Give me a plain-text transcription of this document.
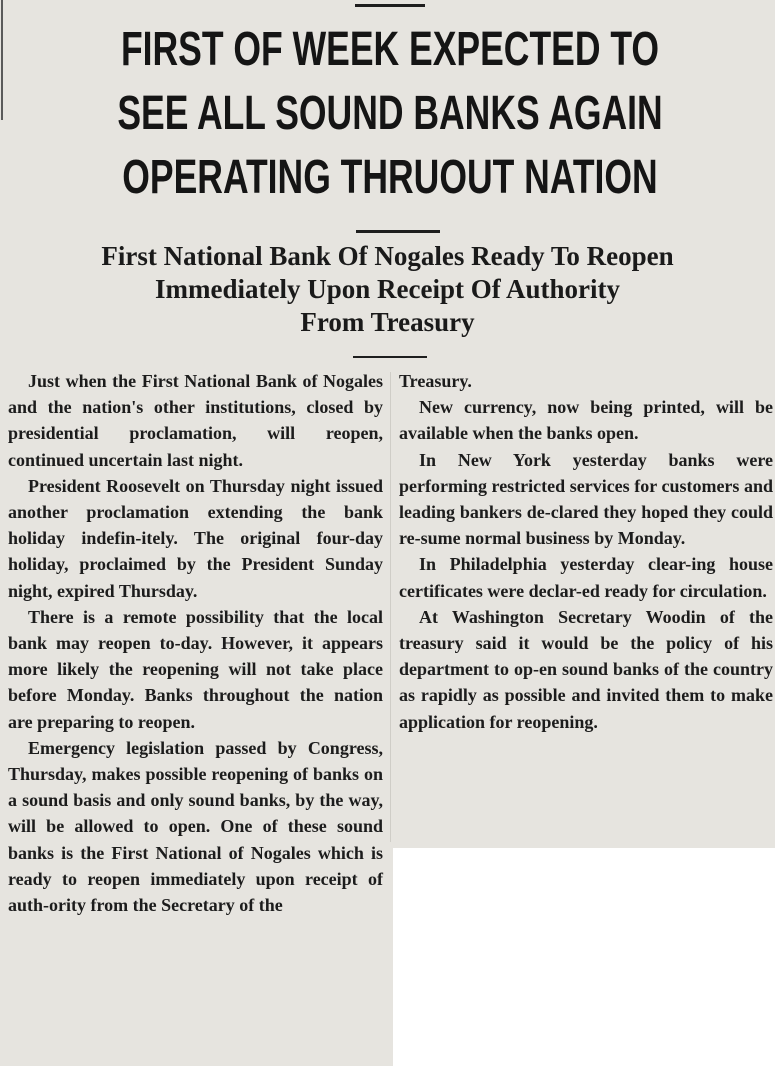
FIRST OF WEEK EXPECTED TO
SEE ALL SOUND BANKS AGAIN
OPERATING THRUOUT NATION
First National Bank Of Nogales Ready To Reopen
Immediately Upon Receipt Of Authority
From Treasury

Just when the First National Bank of Nogales and the nation's other institutions, closed by presidential proclamation, will reopen, continued uncertain last night.

President Roosevelt on Thursday night issued another proclamation extending the bank holiday indefin-itely. The original four-day holiday, proclaimed by the President Sunday night, expired Thursday.

There is a remote possibility that the local bank may reopen to-day. However, it appears more likely the reopening will not take place before Monday. Banks throughout the nation are preparing to reopen.

Emergency legislation passed by Congress, Thursday, makes possible reopening of banks on a sound basis and only sound banks, by the way, will be allowed to open. One of these sound banks is the First National of Nogales which is ready to reopen immediately upon receipt of auth-ority from the Secretary of the

Treasury.

New currency, now being printed, will be available when the banks open.

In New York yesterday banks were performing restricted services for customers and leading bankers de-clared they hoped they could re-sume normal business by Monday.

In Philadelphia yesterday clear-ing house certificates were declar-ed ready for circulation.

At Washington Secretary Woodin of the treasury said it would be the policy of his department to op-en sound banks of the country as rapidly as possible and invited them to make application for reopening.
